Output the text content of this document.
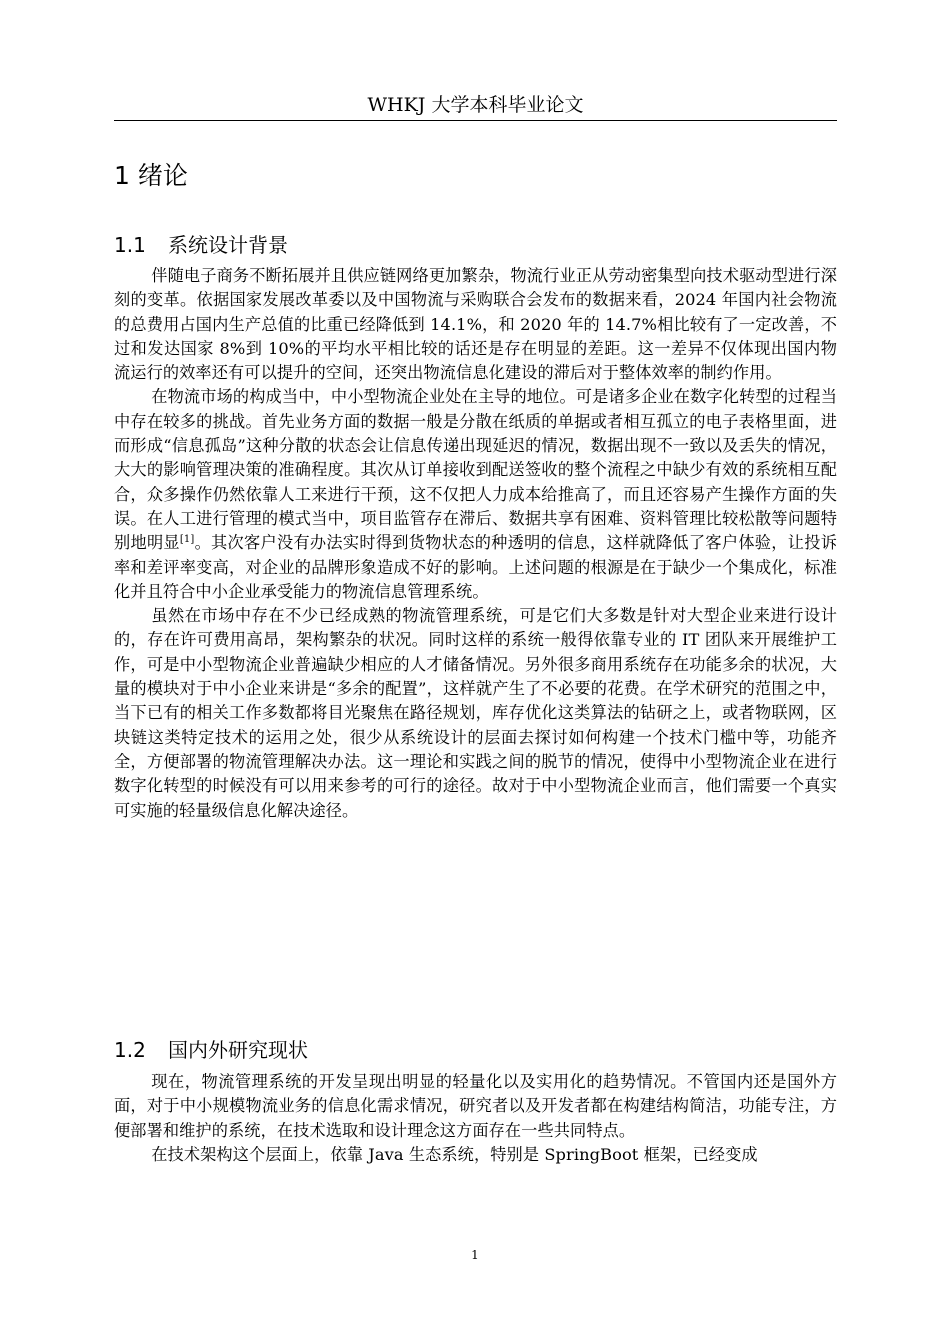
WHKJ 大学本科毕业论文
1 绪论
1.1 系统设计背景

伴随电子商务不断拓展并且供应链网络更加繁杂，物流行业正从劳动密集型向技术驱动型进行深刻的变革。依据国家发展改革委以及中国物流与采购联合会发布的数据来看，2024 年国内社会物流的总费用占国内生产总值的比重已经降低到 14.1%，和 2020 年的 14.7%相比较有了一定改善，不过和发达国家 8%到 10%的平均水平相比较的话还是存在明显的差距。这一差异不仅体现出国内物流运行的效率还有可以提升的空间，还突出物流信息化建设的滞后对于整体效率的制约作用。

在物流市场的构成当中，中小型物流企业处在主导的地位。可是诸多企业在数字化转型的过程当中存在较多的挑战。首先业务方面的数据一般是分散在纸质的单据或者相互孤立的电子表格里面，进而形成“信息孤岛”这种分散的状态会让信息传递出现延迟的情况，数据出现不一致以及丢失的情况，大大的影响管理决策的准确程度。其次从订单接收到配送签收的整个流程之中缺少有效的系统相互配合，众多操作仍然依靠人工来进行干预，这不仅把人力成本给推高了，而且还容易产生操作方面的失误。在人工进行管理的模式当中，项目监管存在滞后、数据共享有困难、资料管理比较松散等问题特别地明显[1]。其次客户没有办法实时得到货物状态的种透明的信息，这样就降低了客户体验，让投诉率和差评率变高，对企业的品牌形象造成不好的影响。上述问题的根源是在于缺少一个集成化，标准化并且符合中小企业承受能力的物流信息管理系统。

虽然在市场中存在不少已经成熟的物流管理系统，可是它们大多数是针对大型企业来进行设计的，存在许可费用高昂，架构繁杂的状况。同时这样的系统一般得依靠专业的 IT 团队来开展维护工作，可是中小型物流企业普遍缺少相应的人才储备情况。另外很多商用系统存在功能多余的状况，大量的模块对于中小企业来讲是“多余的配置”，这样就产生了不必要的花费。在学术研究的范围之中，当下已有的相关工作多数都将目光聚焦在路径规划，库存优化这类算法的钻研之上，或者物联网，区块链这类特定技术的运用之处，很少从系统设计的层面去探讨如何构建一个技术门槛中等，功能齐全，方便部署的物流管理解决办法。这一理论和实践之间的脱节的情况，使得中小型物流企业在进行数字化转型的时候没有可以用来参考的可行的途径。故对于中小型物流企业而言，他们需要一个真实可实施的轻量级信息化解决途径。

1.2 国内外研究现状

现在，物流管理系统的开发呈现出明显的轻量化以及实用化的趋势情况。不管国内还是国外方面，对于中小规模物流业务的信息化需求情况，研究者以及开发者都在构建结构简洁，功能专注，方便部署和维护的系统，在技术选取和设计理念这方面存在一些共同特点。

在技术架构这个层面上，依靠 Java 生态系统，特别是 SpringBoot 框架，已经变成

1
